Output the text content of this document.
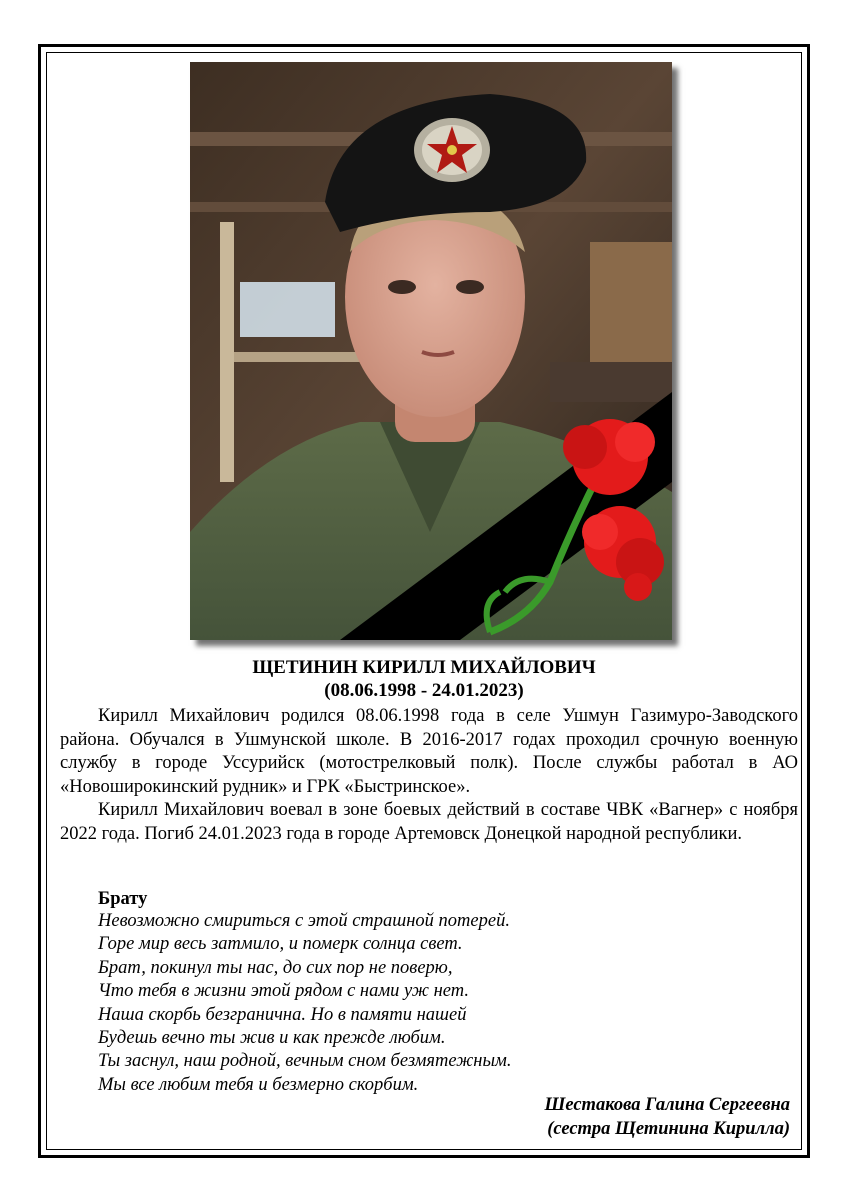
ЩЕТИНИН КИРИЛЛ МИХАЙЛОВИЧ
(08.06.1998 - 24.01.2023)

Кирилл Михайлович родился 08.06.1998 года в селе Ушмун Газимуро-Заводского района. Обучался в Ушмунской школе. В 2016-2017 годах проходил срочную военную службу в городе Уссурийск (мотострелковый полк). После службы работал в АО «Новоширокинский рудник» и ГРК «Быстринское».

Кирилл Михайлович воевал в зоне боевых действий в составе ЧВК «Вагнер» с ноября 2022 года. Погиб 24.01.2023 года в городе Артемовск Донецкой народной республики.

Брату
Невозможно смириться с этой страшной потерей.
Горе мир весь затмило, и померк солнца свет.
Брат, покинул ты нас, до сих пор не поверю,
Что тебя в жизни этой рядом с нами уж нет.
Наша скорбь безгранична. Но в памяти нашей
Будешь вечно ты жив и как прежде любим.
Ты заснул, наш родной, вечным сном безмятежным.
Мы все любим тебя и безмерно скорбим.
Шестакова Галина Сергеевна
(сестра Щетинина Кирилла)
